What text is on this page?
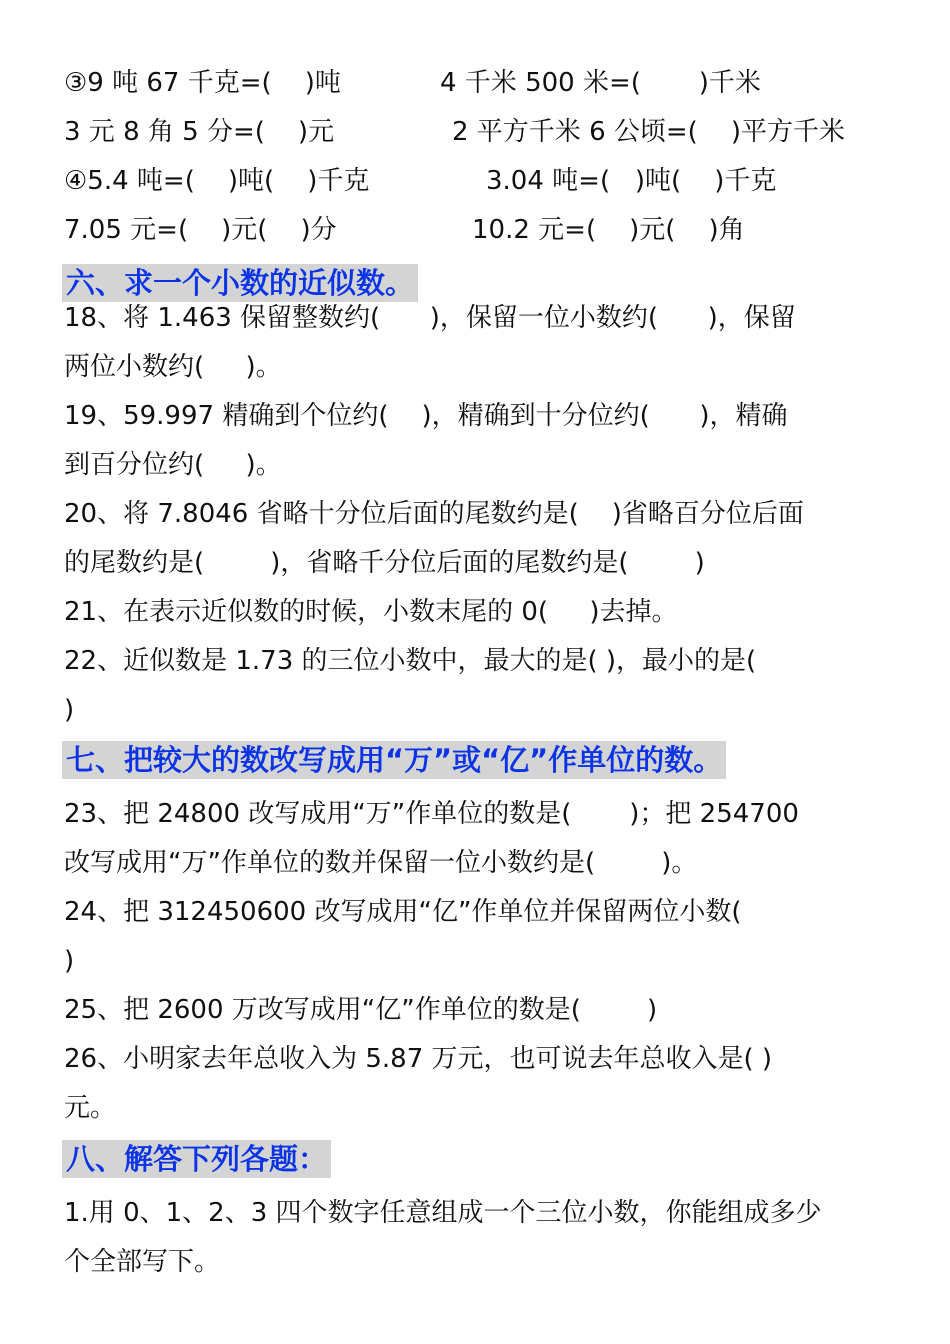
③9 吨 67 千克=(    )吨	4 千米 500 米=(       )千米
3 元 8 角 5 分=(    )元	2 平方千米 6 公顷=(    )平方千米
④5.4 吨=(    )吨(    )千克	3.04 吨=(   )吨(    )千克
7.05 元=(    )元(    )分	10.2 元=(    )元(    )角
六、求一个小数的近似数。
18、将 1.463 保留整数约(      )，保留一位小数约(      )，保留
两位小数约(     )。
19、59.997 精确到个位约(    )，精确到十分位约(      )，精确
到百分位约(     )。
20、将 7.8046 省略十分位后面的尾数约是(    )省略百分位后面
的尾数约是(        )，省略千分位后面的尾数约是(        )
21、在表示近似数的时候，小数末尾的 0(     )去掉。
22、近似数是 1.73 的三位小数中，最大的是( )，最小的是(
)
七、把较大的数改写成用“万”或“亿”作单位的数。
23、把 24800 改写成用“万”作单位的数是(       )；把 254700
改写成用“万”作单位的数并保留一位小数约是(        )。
24、把 312450600 改写成用“亿”作单位并保留两位小数(
)
25、把 2600 万改写成用“亿”作单位的数是(        )
26、小明家去年总收入为 5.87 万元，也可说去年总收入是( )
元。
八、解答下列各题：
1.用 0、1、2、3 四个数字任意组成一个三位小数，你能组成多少
个全部写下。
